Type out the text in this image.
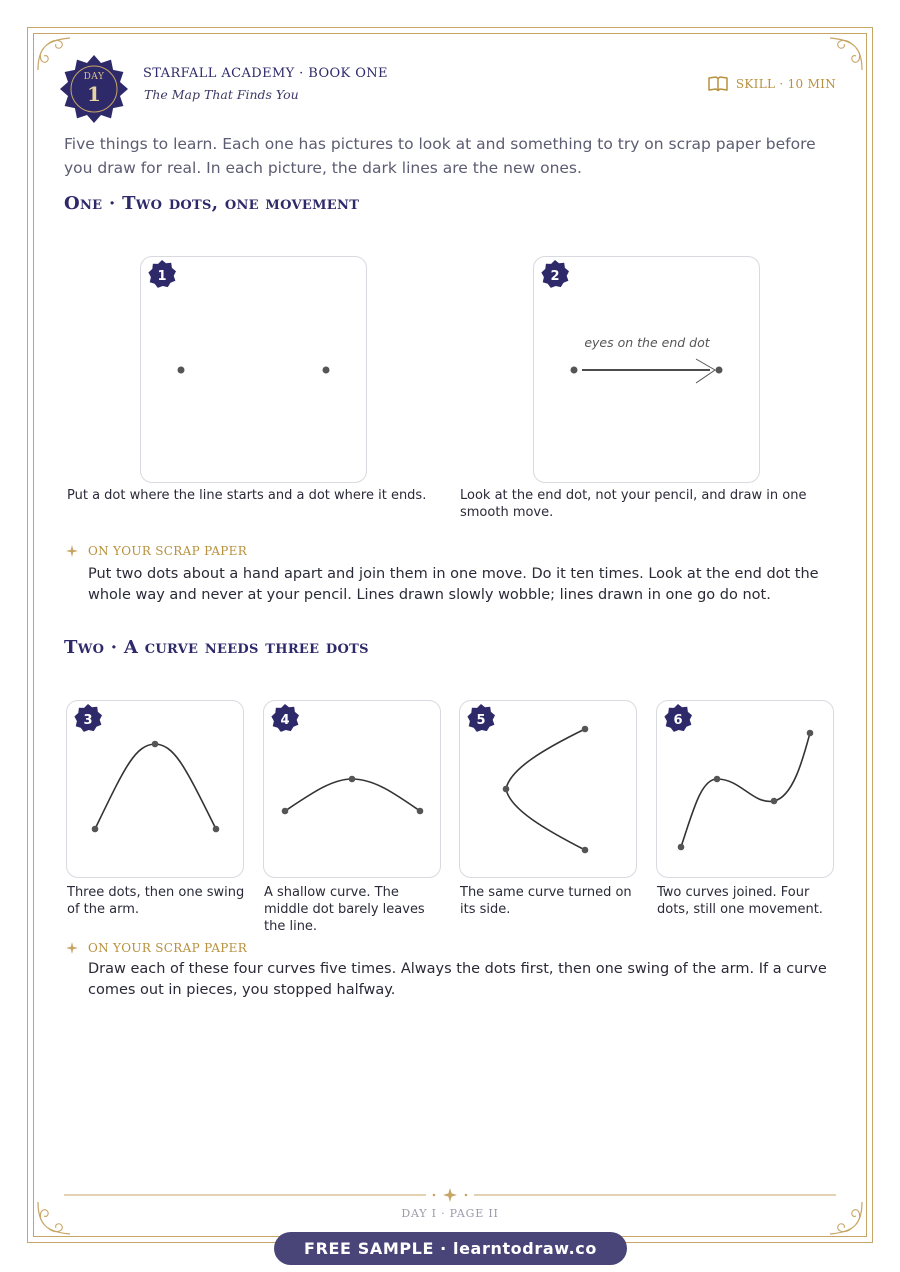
DAY
1
STARFALL ACADEMY · BOOK ONE
The Map That Finds You
SKILL · 10 MIN
Five things to learn. Each one has pictures to look at and something to try on scrap paper before you draw for real. In each picture, the dark lines are the new ones.
One · Two dots, one movement
1
Put a dot where the line starts and a dot where it ends.
eyes on the end dot
2
Look at the end dot, not your pencil, and draw in one smooth move.
ON YOUR SCRAP PAPER
Put two dots about a hand apart and join them in one move. Do it ten times. Look at the end dot the whole way and never at your pencil. Lines drawn slowly wobble; lines drawn in one go do not.
Two · A curve needs three dots
3
Three dots, then one swing of the arm.
4
A shallow curve. The middle dot barely leaves the line.
5
The same curve turned on its side.
6
Two curves joined. Four dots, still one movement.
ON YOUR SCRAP PAPER
Draw each of these four curves five times. Always the dots first, then one swing of the arm. If a curve comes out in pieces, you stopped halfway.
DAY I · PAGE II
FREE SAMPLE · learntodraw.co
